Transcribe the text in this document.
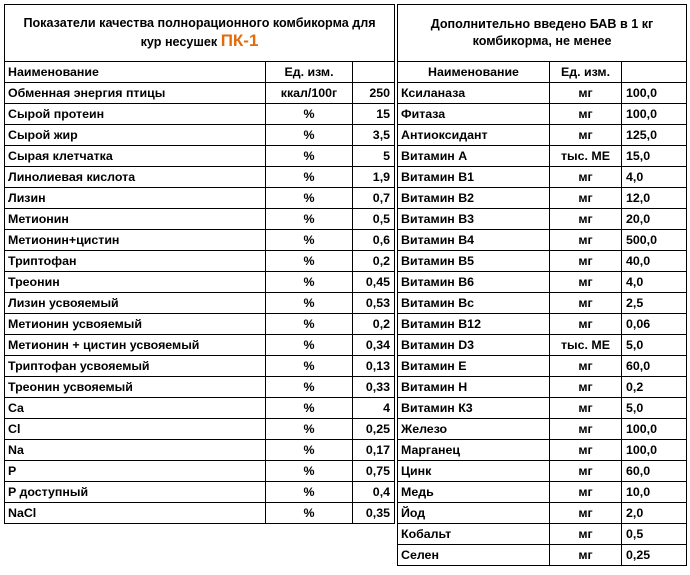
Показатели качества полнорационного комбикорма для
кур несушек ПК-1		
Наименование	Ед. изм.	
Обменная энергия птицы	ккал/100г	250
Сырой протеин	%	15
Сырой жир	%	3,5
Сырая клетчатка	%	5
Линолиевая кислота	%	1,9
Лизин	%	0,7
Метионин	%	0,5
Метионин+цистин	%	0,6
Триптофан	%	0,2
Треонин	%	0,45
Лизин усвояемый	%	0,53
Метионин усвояемый	%	0,2
Метионин + цистин усвояемый	%	0,34
Триптофан усвояемый	%	0,13
Треонин усвояемый	%	0,33
Ca	%	4
Cl	%	0,25
Na	%	0,17
P	%	0,75
P доступный	%	0,4
NaCl	%	0,35
Дополнительно введено БАВ в 1 кг комбикорма, не менее		
Наименование	Ед. изм.	
Ксиланаза	мг	100,0
Фитаза	мг	100,0
Антиоксидант	мг	125,0
Витамин А	тыс. МЕ	15,0
Витамин В1	мг	4,0
Витамин В2	мг	12,0
Витамин В3	мг	20,0
Витамин В4	мг	500,0
Витамин В5	мг	40,0
Витамин В6	мг	4,0
Витамин Вс	мг	2,5
Витамин В12	мг	0,06
Витамин D3	тыс. МЕ	5,0
Витамин Е	мг	60,0
Витамин Н	мг	0,2
Витамин К3	мг	5,0
Железо	мг	100,0
Марганец	мг	100,0
Цинк	мг	60,0
Медь	мг	10,0
Йод	мг	2,0
Кобальт	мг	0,5
Селен	мг	0,25
